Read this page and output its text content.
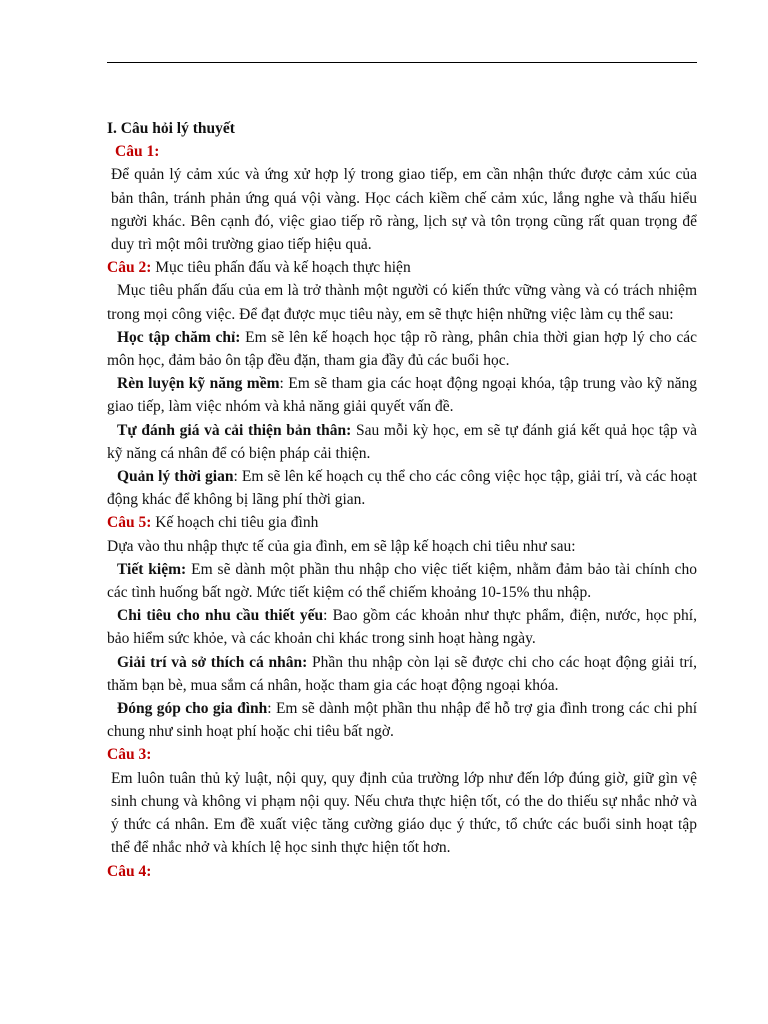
I. Câu hỏi lý thuyết

Câu 1:

Để quản lý cảm xúc và ứng xử hợp lý trong giao tiếp, em cần nhận thức được cảm xúc của bản thân, tránh phản ứng quá vội vàng. Học cách kiềm chế cảm xúc, lắng nghe và thấu hiểu người khác. Bên cạnh đó, việc giao tiếp rõ ràng, lịch sự và tôn trọng cũng rất quan trọng để duy trì một môi trường giao tiếp hiệu quả.

Câu 2: Mục tiêu phấn đấu và kế hoạch thực hiện

Mục tiêu phấn đấu của em là trở thành một người có kiến thức vững vàng và có trách nhiệm trong mọi công việc. Để đạt được mục tiêu này, em sẽ thực hiện những việc làm cụ thể sau:

Học tập chăm chỉ: Em sẽ lên kế hoạch học tập rõ ràng, phân chia thời gian hợp lý cho các môn học, đảm bảo ôn tập đều đặn, tham gia đầy đủ các buổi học.

Rèn luyện kỹ năng mềm: Em sẽ tham gia các hoạt động ngoại khóa, tập trung vào kỹ năng giao tiếp, làm việc nhóm và khả năng giải quyết vấn đề.

Tự đánh giá và cải thiện bản thân: Sau mỗi kỳ học, em sẽ tự đánh giá kết quả học tập và kỹ năng cá nhân để có biện pháp cải thiện.

Quản lý thời gian: Em sẽ lên kế hoạch cụ thể cho các công việc học tập, giải trí, và các hoạt động khác để không bị lãng phí thời gian.

Câu 5: Kế hoạch chi tiêu gia đình

Dựa vào thu nhập thực tế của gia đình, em sẽ lập kế hoạch chi tiêu như sau:

Tiết kiệm: Em sẽ dành một phần thu nhập cho việc tiết kiệm, nhằm đảm bảo tài chính cho các tình huống bất ngờ. Mức tiết kiệm có thể chiếm khoảng 10-15% thu nhập.

Chi tiêu cho nhu cầu thiết yếu: Bao gồm các khoản như thực phẩm, điện, nước, học phí, bảo hiểm sức khỏe, và các khoản chi khác trong sinh hoạt hàng ngày.

Giải trí và sở thích cá nhân: Phần thu nhập còn lại sẽ được chi cho các hoạt động giải trí, thăm bạn bè, mua sắm cá nhân, hoặc tham gia các hoạt động ngoại khóa.

Đóng góp cho gia đình: Em sẽ dành một phần thu nhập để hỗ trợ gia đình trong các chi phí chung như sinh hoạt phí hoặc chi tiêu bất ngờ.

Câu 3:

Em luôn tuân thủ kỷ luật, nội quy, quy định của trường lớp như đến lớp đúng giờ, giữ gìn vệ sinh chung và không vi phạm nội quy. Nếu chưa thực hiện tốt, có the do thiếu sự nhắc nhở và ý thức cá nhân. Em đề xuất việc tăng cường giáo dục ý thức, tổ chức các buổi sinh hoạt tập thể để nhắc nhở và khích lệ học sinh thực hiện tốt hơn.

Câu 4:
